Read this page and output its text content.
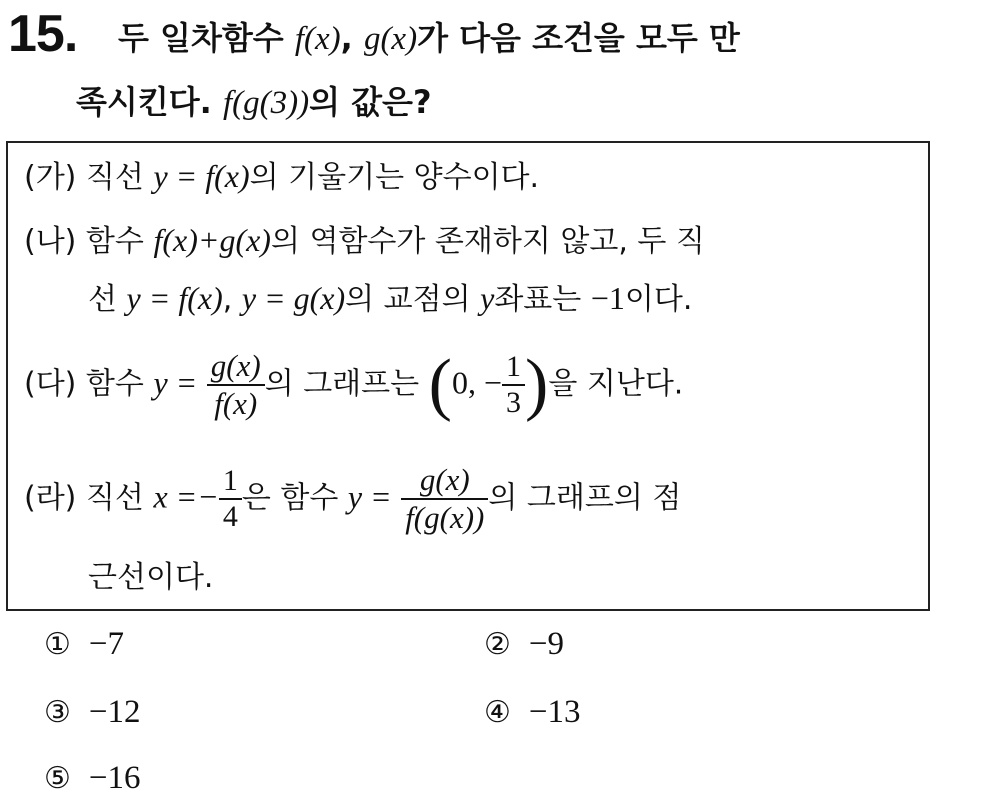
15. 두 일차함수 f(x), g(x)가 다음 조건을 모두 만
족시킨다. f(g(3))의 값은?
(가) 직선 y = f(x)의 기울기는 양수이다.
(나) 함수 f(x)+g(x)의 역함수가 존재하지 않고, 두 직
선 y = f(x), y = g(x)의 교점의 y좌표는 −1이다.
(다) 함수 $y = \frac{g(x)}{f(x)}$ 의 그래프는 (0, − $\frac{1}{3}$ )을 지난다.
(라) 직선 $x =- \frac{1}{4}$ 은 함수 $y = \frac{g(x)}{f(g(x))}$ 의 그래프의 점
근선이다.
① −7	② −9
③ −12	④ −13
⑤ −16
